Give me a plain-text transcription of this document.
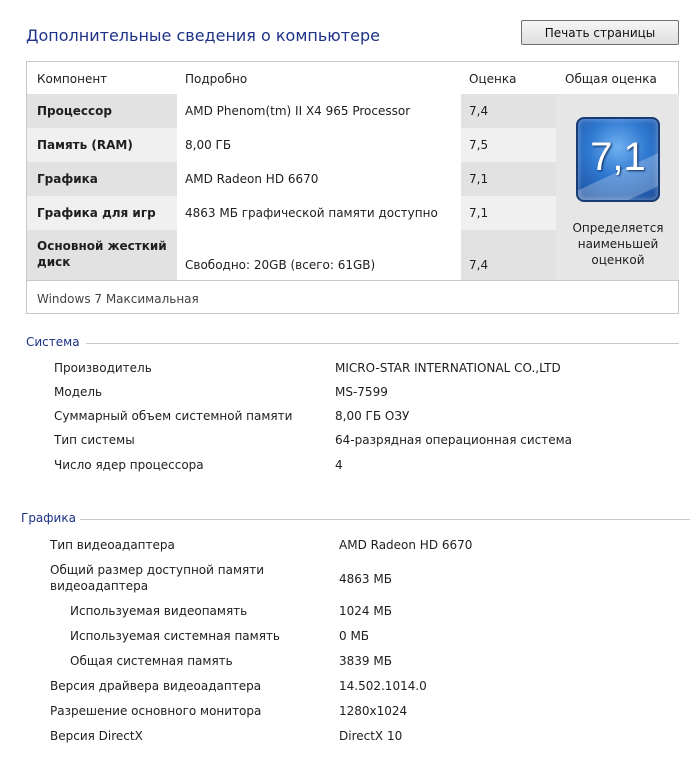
Дополнительные сведения о компьютере	Печать страницы
Компонент	Подробно	Оценка	Общая оценка
Процессор	AMD Phenom(tm) II X4 965 Processor	7,4
Память (RAM)	8,00 ГБ	7,5
Графика	AMD Radeon HD 6670	7,1
Графика для игр	4863 МБ графической памяти доступно	7,1
Основной жесткий диск	Свободно: 20GB (всего: 61GB)	7,4
7,1
Определяется наименьшей оценкой
Windows 7 Максимальная
Система
Производитель	MICRO-STAR INTERNATIONAL CO.,LTD
Модель	MS-7599
Суммарный объем системной памяти	8,00 ГБ ОЗУ
Тип системы	64-разрядная операционная система
Число ядер процессора	4
Графика
Тип видеоадаптера	AMD Radeon HD 6670
Общий размер доступной памяти видеоадаптера	4863 МБ
Используемая видеопамять	1024 МБ
Используемая системная память	0 МБ
Общая системная память	3839 МБ
Версия драйвера видеоадаптера	14.502.1014.0
Разрешение основного монитора	1280x1024
Версия DirectX	DirectX 10
